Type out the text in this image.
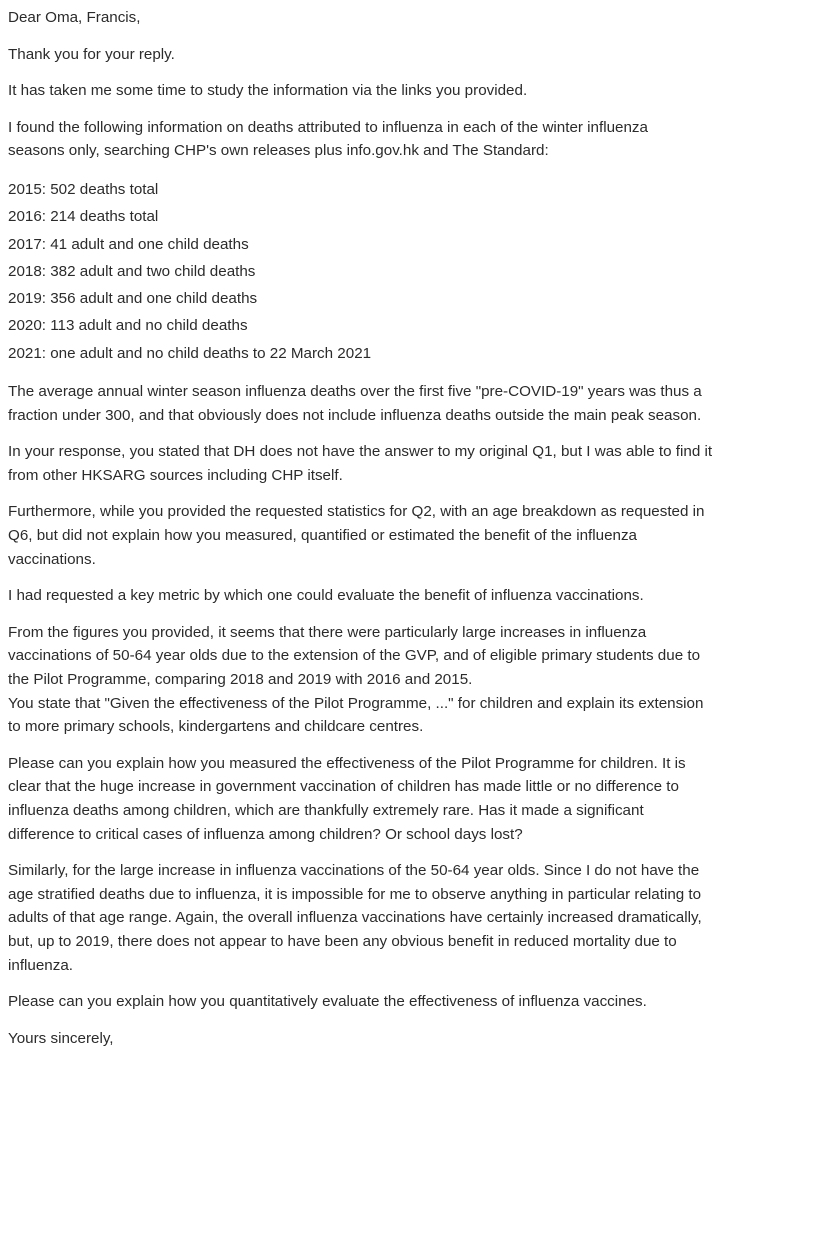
Dear Oma, Francis,

Thank you for your reply.

It has taken me some time to study the information via the links you provided.

I found the following information on deaths attributed to influenza in each of the winter influenza
seasons only, searching CHP's own releases plus info.gov.hk and The Standard:

2015: 502 deaths total
2016: 214 deaths total
2017: 41 adult and one child deaths
2018: 382 adult and two child deaths
2019: 356 adult and one child deaths
2020: 113 adult and no child deaths
2021: one adult and no child deaths to 22 March 2021

The average annual winter season influenza deaths over the first five "pre-COVID-19" years was thus a
fraction under 300, and that obviously does not include influenza deaths outside the main peak season.

In your response, you stated that DH does not have the answer to my original Q1, but I was able to find it
from other HKSARG sources including CHP itself.

Furthermore, while you provided the requested statistics for Q2, with an age breakdown as requested in
Q6, but did not explain how you measured, quantified or estimated the benefit of the influenza
vaccinations.

I had requested a key metric by which one could evaluate the benefit of influenza vaccinations.

From the figures you provided, it seems that there were particularly large increases in influenza
vaccinations of 50-64 year olds due to the extension of the GVP, and of eligible primary students due to
the Pilot Programme, comparing 2018 and 2019 with 2016 and 2015.
You state that "Given the effectiveness of the Pilot Programme, ..." for children and explain its extension
to more primary schools, kindergartens and childcare centres.

Please can you explain how you measured the effectiveness of the Pilot Programme for children. It is
clear that the huge increase in government vaccination of children has made little or no difference to
influenza deaths among children, which are thankfully extremely rare. Has it made a significant
difference to critical cases of influenza among children? Or school days lost?

Similarly, for the large increase in influenza vaccinations of the 50-64 year olds. Since I do not have the
age stratified deaths due to influenza, it is impossible for me to observe anything in particular relating to
adults of that age range. Again, the overall influenza vaccinations have certainly increased dramatically,
but, up to 2019, there does not appear to have been any obvious benefit in reduced mortality due to
influenza.

Please can you explain how you quantitatively evaluate the effectiveness of influenza vaccines.

Yours sincerely,
